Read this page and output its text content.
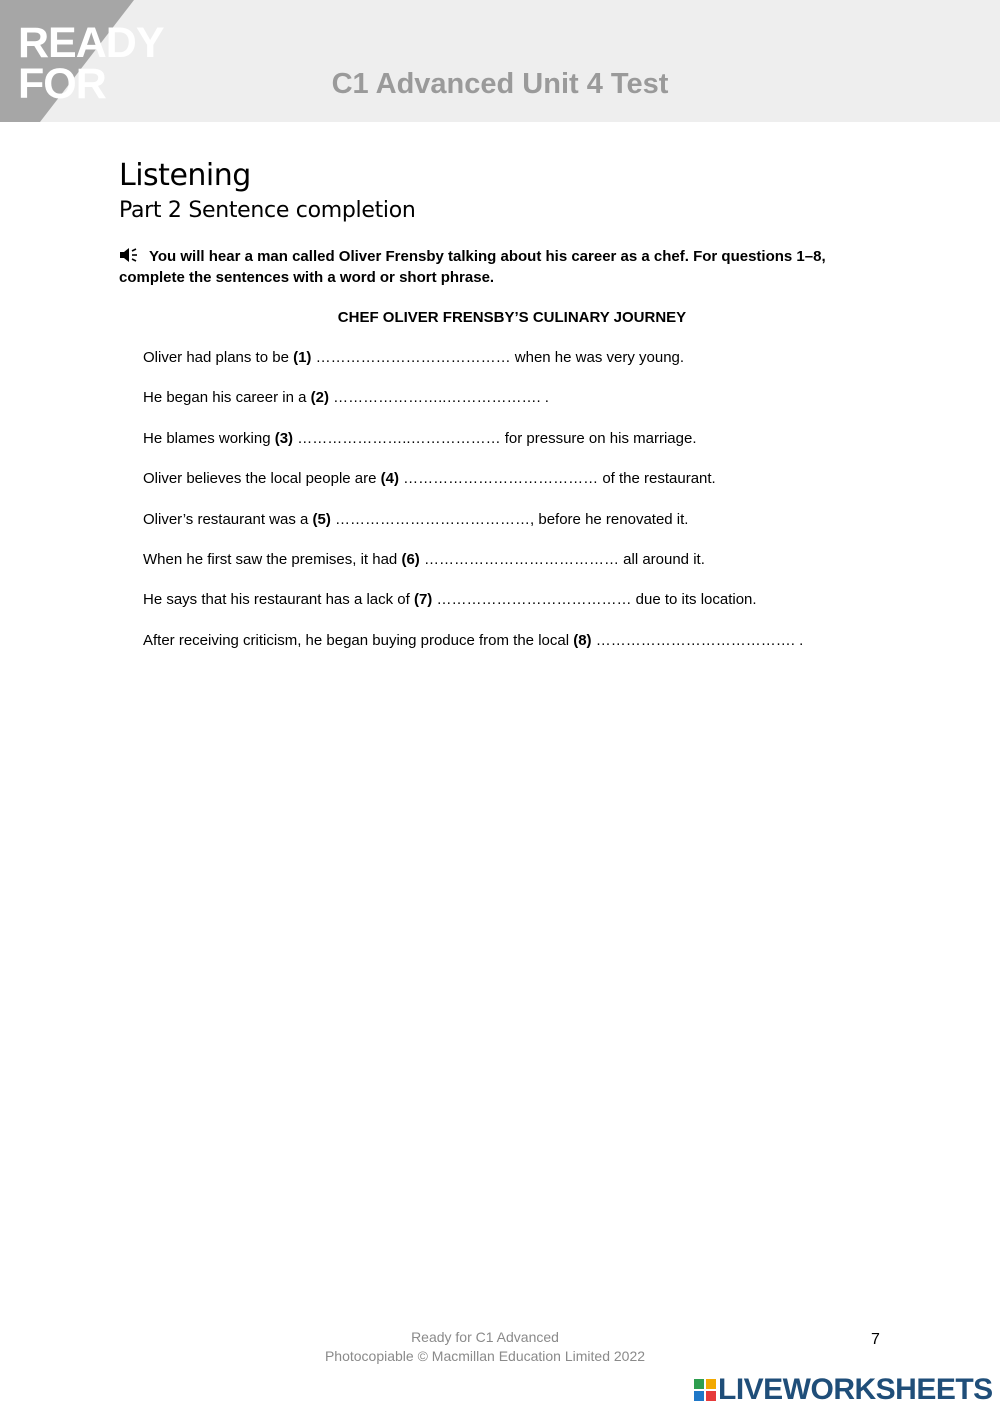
READY
FOR	C1 Advanced Unit 4 Test
Listening
Part 2 Sentence completion
You will hear a man called Oliver Frensby talking about his career as a chef. For questions 1–8, complete the sentences with a word or short phrase.
CHEF OLIVER FRENSBY’S CULINARY JOURNEY
Oliver had plans to be (1) ………………………………… when he was very young.
He began his career in a (2) …………………..………………. .
He blames working (3) …………………..……………… for pressure on his marriage.
Oliver believes the local people are (4) ………………………………… of the restaurant.
Oliver’s restaurant was a (5) …………………………………, before he renovated it.
When he first saw the premises, it had (6) ………………………………… all around it.
He says that his restaurant has a lack of (7) ………………………………… due to its location.
After receiving criticism, he began buying produce from the local (8) …………………………………. .
Ready for C1 Advanced
Photocopiable © Macmillan Education Limited 2022
7
LIVEWORKSHEETS
